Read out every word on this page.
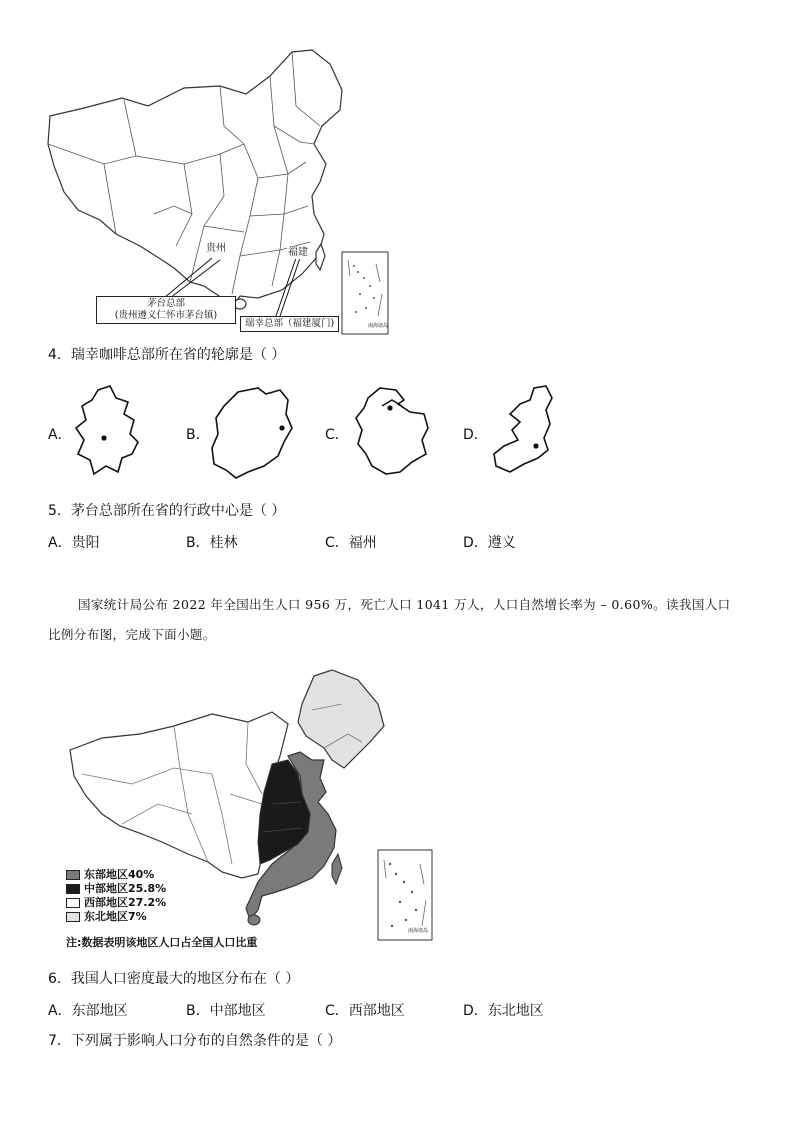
贵州	福建
茅台总部
(贵州遵义仁怀市茅台镇)
瑞幸总部（福建厦门)	南海诸岛
4．瑞幸咖啡总部所在省的轮廓是（ ）
A．	B．	C．	D．
5．茅台总部所在省的行政中心是（ ）
A．贵阳	B．桂林	C．福州	D．遵义
国家统计局公布 2022 年全国出生人口 956 万，死亡人口 1041 万人，人口自然增长率为 – 0.60%。读我国人口
比例分布图，完成下面小题。
南海诸岛
东部地区40%
中部地区25.8%
西部地区27.2%
东北地区7%
注:数据表明该地区人口占全国人口比重
6．我国人口密度最大的地区分布在（ ）
A．东部地区	B．中部地区	C．西部地区	D．东北地区
7．下列属于影响人口分布的自然条件的是（ ）
